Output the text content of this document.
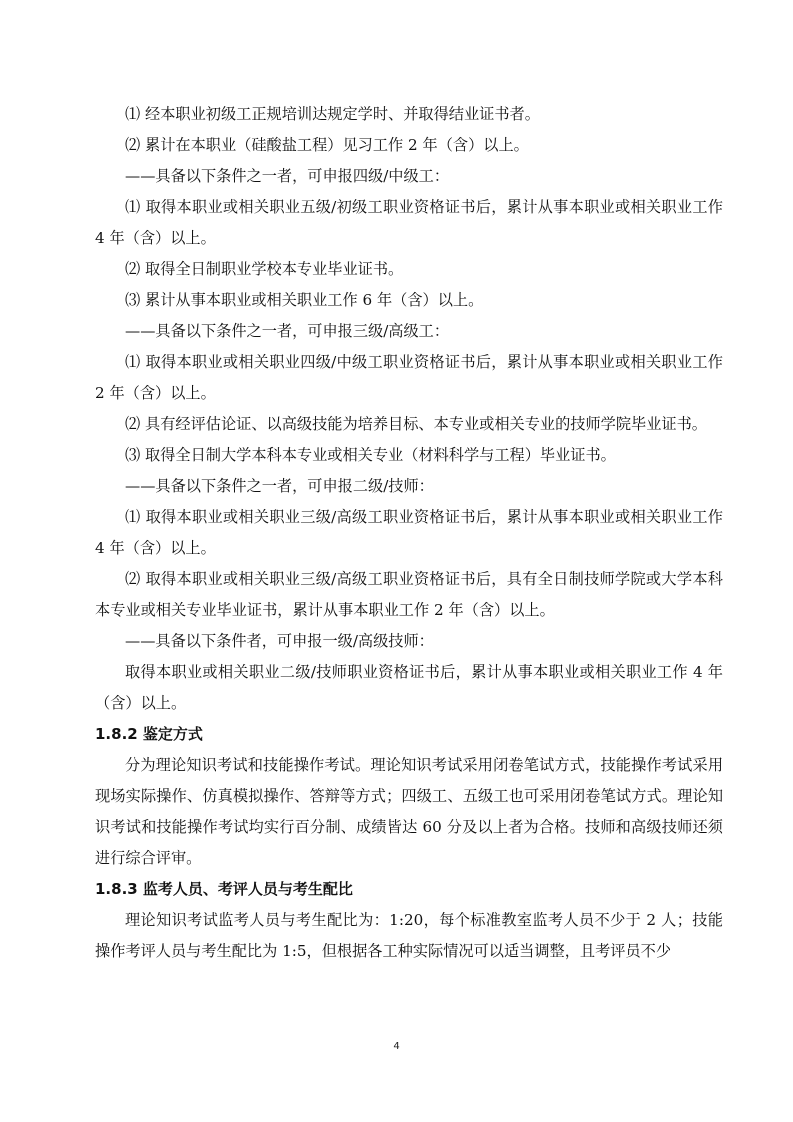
⑴ 经本职业初级工正规培训达规定学时、并取得结业证书者。

⑵ 累计在本职业（硅酸盐工程）见习工作 2 年（含）以上。

——具备以下条件之一者，可申报四级/中级工：

⑴ 取得本职业或相关职业五级/初级工职业资格证书后，累计从事本职业或相关职业工作 4 年（含）以上。

⑵ 取得全日制职业学校本专业毕业证书。

⑶ 累计从事本职业或相关职业工作 6 年（含）以上。

——具备以下条件之一者，可申报三级/高级工：

⑴ 取得本职业或相关职业四级/中级工职业资格证书后，累计从事本职业或相关职业工作 2 年（含）以上。

⑵ 具有经评估论证、以高级技能为培养目标、本专业或相关专业的技师学院毕业证书。

⑶ 取得全日制大学本科本专业或相关专业（材料科学与工程）毕业证书。

——具备以下条件之一者，可申报二级/技师：

⑴ 取得本职业或相关职业三级/高级工职业资格证书后，累计从事本职业或相关职业工作 4 年（含）以上。

⑵ 取得本职业或相关职业三级/高级工职业资格证书后，具有全日制技师学院或大学本科本专业或相关专业毕业证书，累计从事本职业工作 2 年（含）以上。

——具备以下条件者，可申报一级/高级技师：

取得本职业或相关职业二级/技师职业资格证书后，累计从事本职业或相关职业工作 4 年（含）以上。

1.8.2 鉴定方式

分为理论知识考试和技能操作考试。理论知识考试采用闭卷笔试方式，技能操作考试采用现场实际操作、仿真模拟操作、答辩等方式；四级工、五级工也可采用闭卷笔试方式。理论知识考试和技能操作考试均实行百分制、成绩皆达 60 分及以上者为合格。技师和高级技师还须进行综合评审。

1.8.3 监考人员、考评人员与考生配比

理论知识考试监考人员与考生配比为：1:20，每个标准教室监考人员不少于 2 人；技能操作考评人员与考生配比为 1:5，但根据各工种实际情况可以适当调整，且考评员不少

4
